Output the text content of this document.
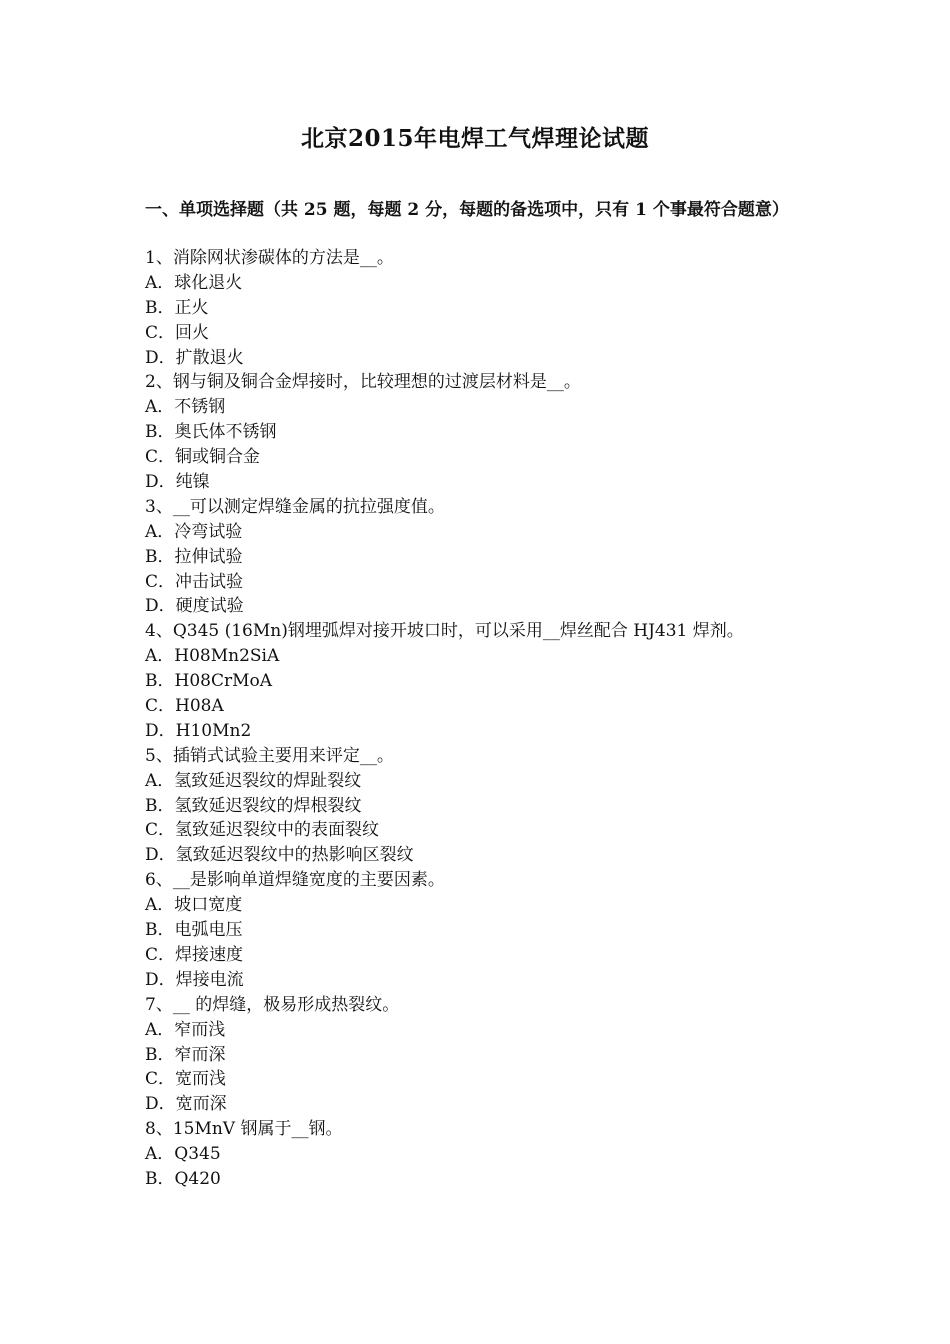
北京2015年电焊工气焊理论试题
一、单项选择题（共 25 题，每题 2 分，每题的备选项中，只有 1 个事最符合题意）
1、消除网状渗碳体的方法是__。
A．球化退火
B．正火
C．回火
D．扩散退火
2、钢与铜及铜合金焊接时，比较理想的过渡层材料是__。
A．不锈钢
B．奥氏体不锈钢
C．铜或铜合金
D．纯镍
3、__可以测定焊缝金属的抗拉强度值。
A．冷弯试验
B．拉伸试验
C．冲击试验
D．硬度试验
4、Q345 (16Mn)钢埋弧焊对接开坡口时，可以采用__焊丝配合 HJ431 焊剂。
A．H08Mn2SiA
B．H08CrMoA
C．H08A
D．H10Mn2
5、插销式试验主要用来评定__。
A．氢致延迟裂纹的焊趾裂纹
B．氢致延迟裂纹的焊根裂纹
C．氢致延迟裂纹中的表面裂纹
D．氢致延迟裂纹中的热影响区裂纹
6、__是影响单道焊缝宽度的主要因素。
A．坡口宽度
B．电弧电压
C．焊接速度
D．焊接电流
7、__ 的焊缝，极易形成热裂纹。
A．窄而浅
B．窄而深
C．宽而浅
D．宽而深
8、15MnV 钢属于__钢。
A．Q345
B．Q420
